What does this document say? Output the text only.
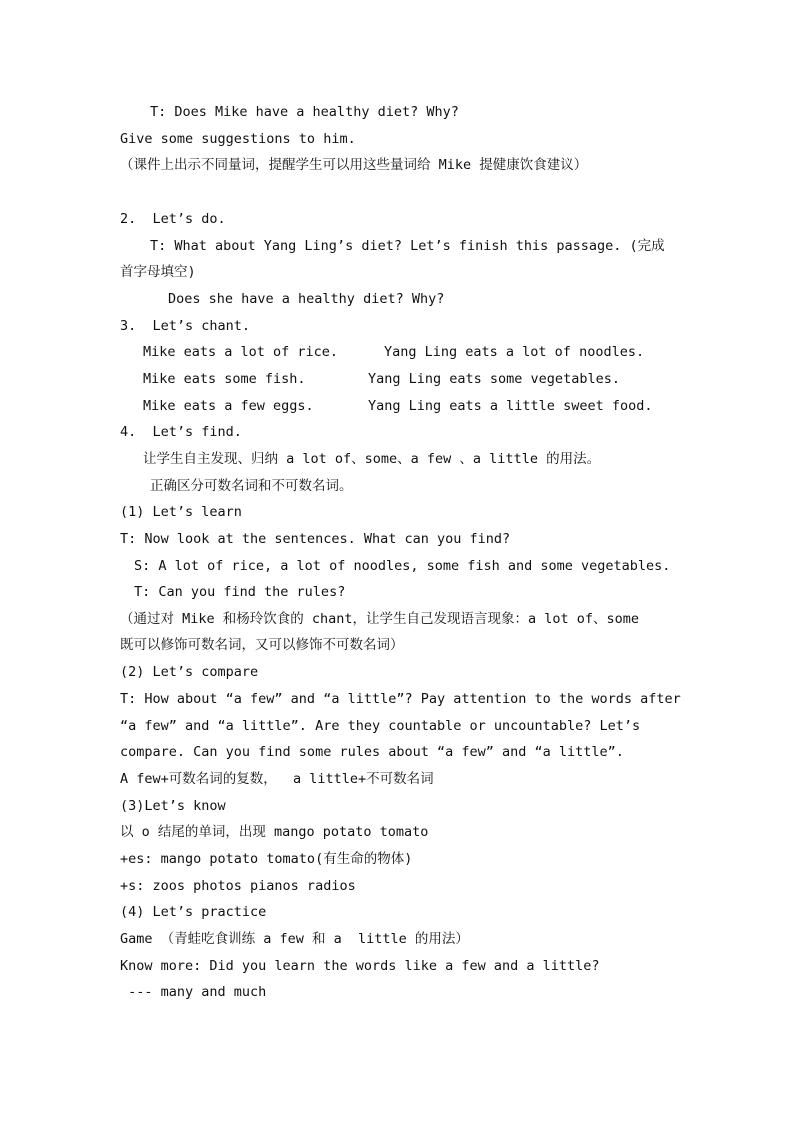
T: Does Mike have a healthy diet? Why?
Give some suggestions to him.
（课件上出示不同量词，提醒学生可以用这些量词给 Mike 提健康饮食建议）
2.  Let’s do.
T: What about Yang Ling’s diet? Let’s finish this passage. (完成
首字母填空)
Does she have a healthy diet? Why?
3.  Let’s chant.
Mike eats a lot of rice.	Yang Ling eats a lot of noodles.
Mike eats some fish.	Yang Ling eats some vegetables.
Mike eats a few eggs.	Yang Ling eats a little sweet food.
4.  Let’s find.
让学生自主发现、归纳 a lot of、some、a few 、a little 的用法。
正确区分可数名词和不可数名词。
(1) Let’s learn
T: Now look at the sentences. What can you find?
S: A lot of rice, a lot of noodles, some fish and some vegetables.
T: Can you find the rules?
（通过对 Mike 和杨玲饮食的 chant，让学生自己发现语言现象：a lot of、some
既可以修饰可数名词，又可以修饰不可数名词）
(2) Let’s compare
T: How about “a few” and “a little”? Pay attention to the words after
“a few” and “a little”. Are they countable or uncountable? Let’s
compare. Can you find some rules about “a few” and “a little”.
A few+可数名词的复数，  a little+不可数名词
(3)Let’s know
以 o 结尾的单词，出现 mango potato tomato
+es: mango potato tomato(有生命的物体)
+s: zoos photos pianos radios
(4) Let’s practice
Game （青蛙吃食训练 a few 和 a  little 的用法）
Know more: Did you learn the words like a few and a little?
--- many and much
